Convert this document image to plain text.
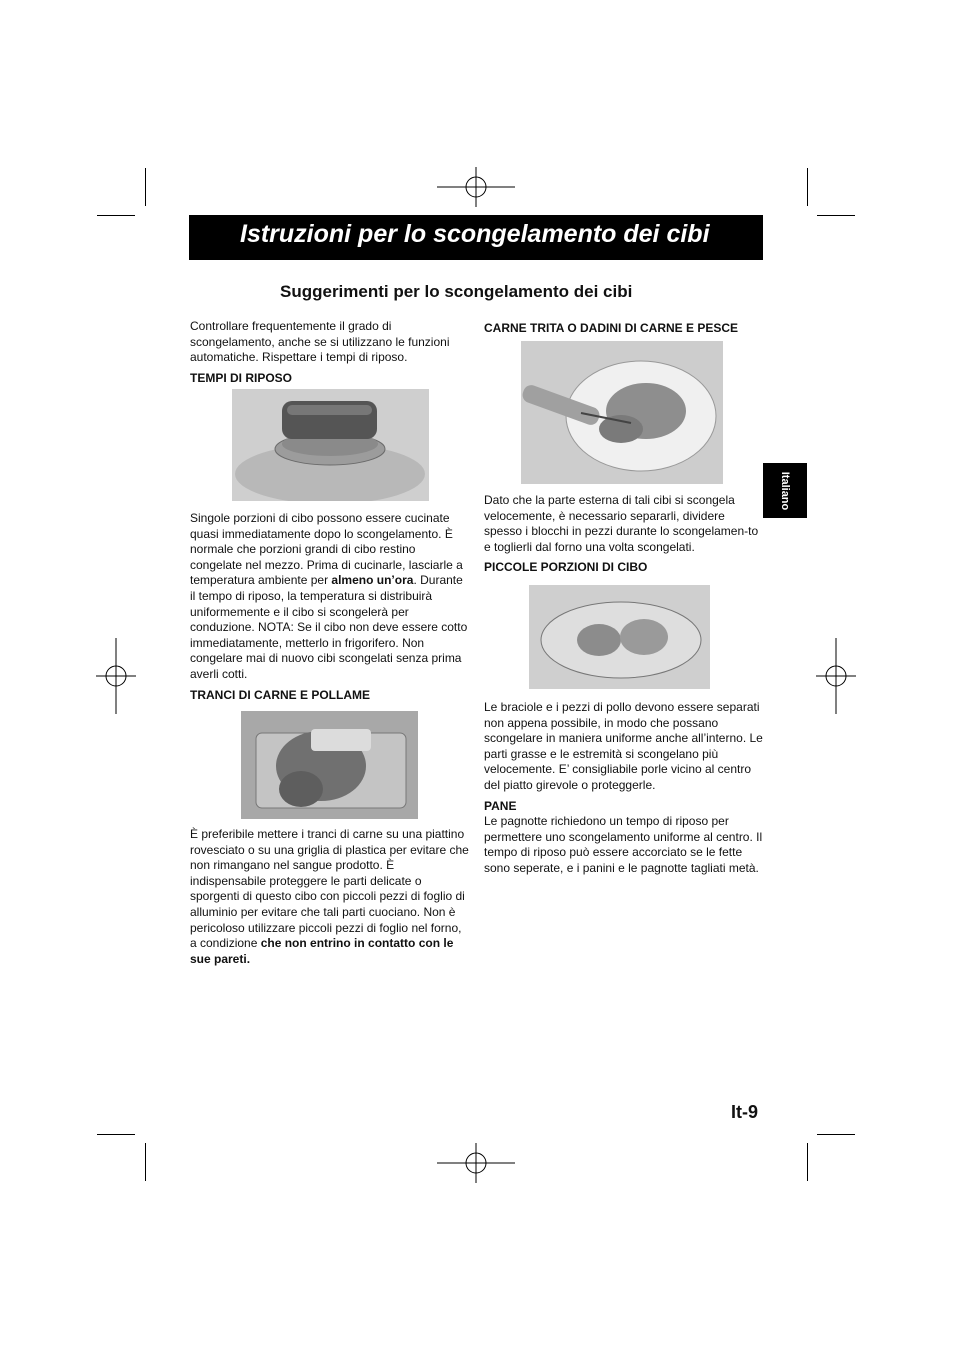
Istruzioni per lo scongelamento dei cibi
Suggerimenti per lo scongelamento dei cibi
Italiano

Controllare frequentemente il grado di scongelamento, anche se si utilizzano le funzioni automatiche. Rispettare i tempi di riposo.

TEMPI DI RIPOSO

Singole porzioni di cibo possono essere cucinate quasi immediatamente dopo lo scongelamento. È normale che porzioni grandi di cibo restino congelate nel mezzo. Prima di cucinarle, lasciarle a temperatura ambiente per almeno un’ora. Durante il tempo di riposo, la temperatura si distribuirà uniformemente e il cibo si scongelerà per conduzione. NOTA: Se il cibo non deve essere cotto immediatamente, metterlo in frigorifero. Non congelare mai di nuovo cibi scongelati senza prima averli cotti.

TRANCI DI CARNE E POLLAME

È preferibile mettere i tranci di carne su una piattino rovesciato o su una griglia di plastica per evitare che non rimangano nel sangue prodotto. È indispensabile proteggere le parti delicate o sporgenti di questo cibo con piccoli pezzi di foglio di alluminio per evitare che tali parti cuociano. Non è pericoloso utilizzare piccoli pezzi di foglio nel forno, a condizione che non entrino in contatto con le sue pareti.

CARNE TRITA O DADINI DI CARNE E PESCE

Dato che la parte esterna di tali cibi si scongela velocemente, è necessario separarli, dividere spesso i blocchi in pezzi durante lo scongelamen-to e toglierli dal forno una volta scongelati.

PICCOLE PORZIONI DI CIBO

Le braciole e i pezzi di pollo devono essere separati non appena possibile, in modo che possano scongelare in maniera uniforme anche all’interno. Le parti grasse e le estremità si scongelano più velocemente. E’ consigliabile porle vicino al centro del piatto girevole o proteggerle.

PANE

Le pagnotte richiedono un tempo di riposo per permettere uno scongelamento uniforme al centro. Il tempo di riposo può essere accorciato se le fette sono seperate, e i panini e le pagnotte tagliati metà.

It-9
